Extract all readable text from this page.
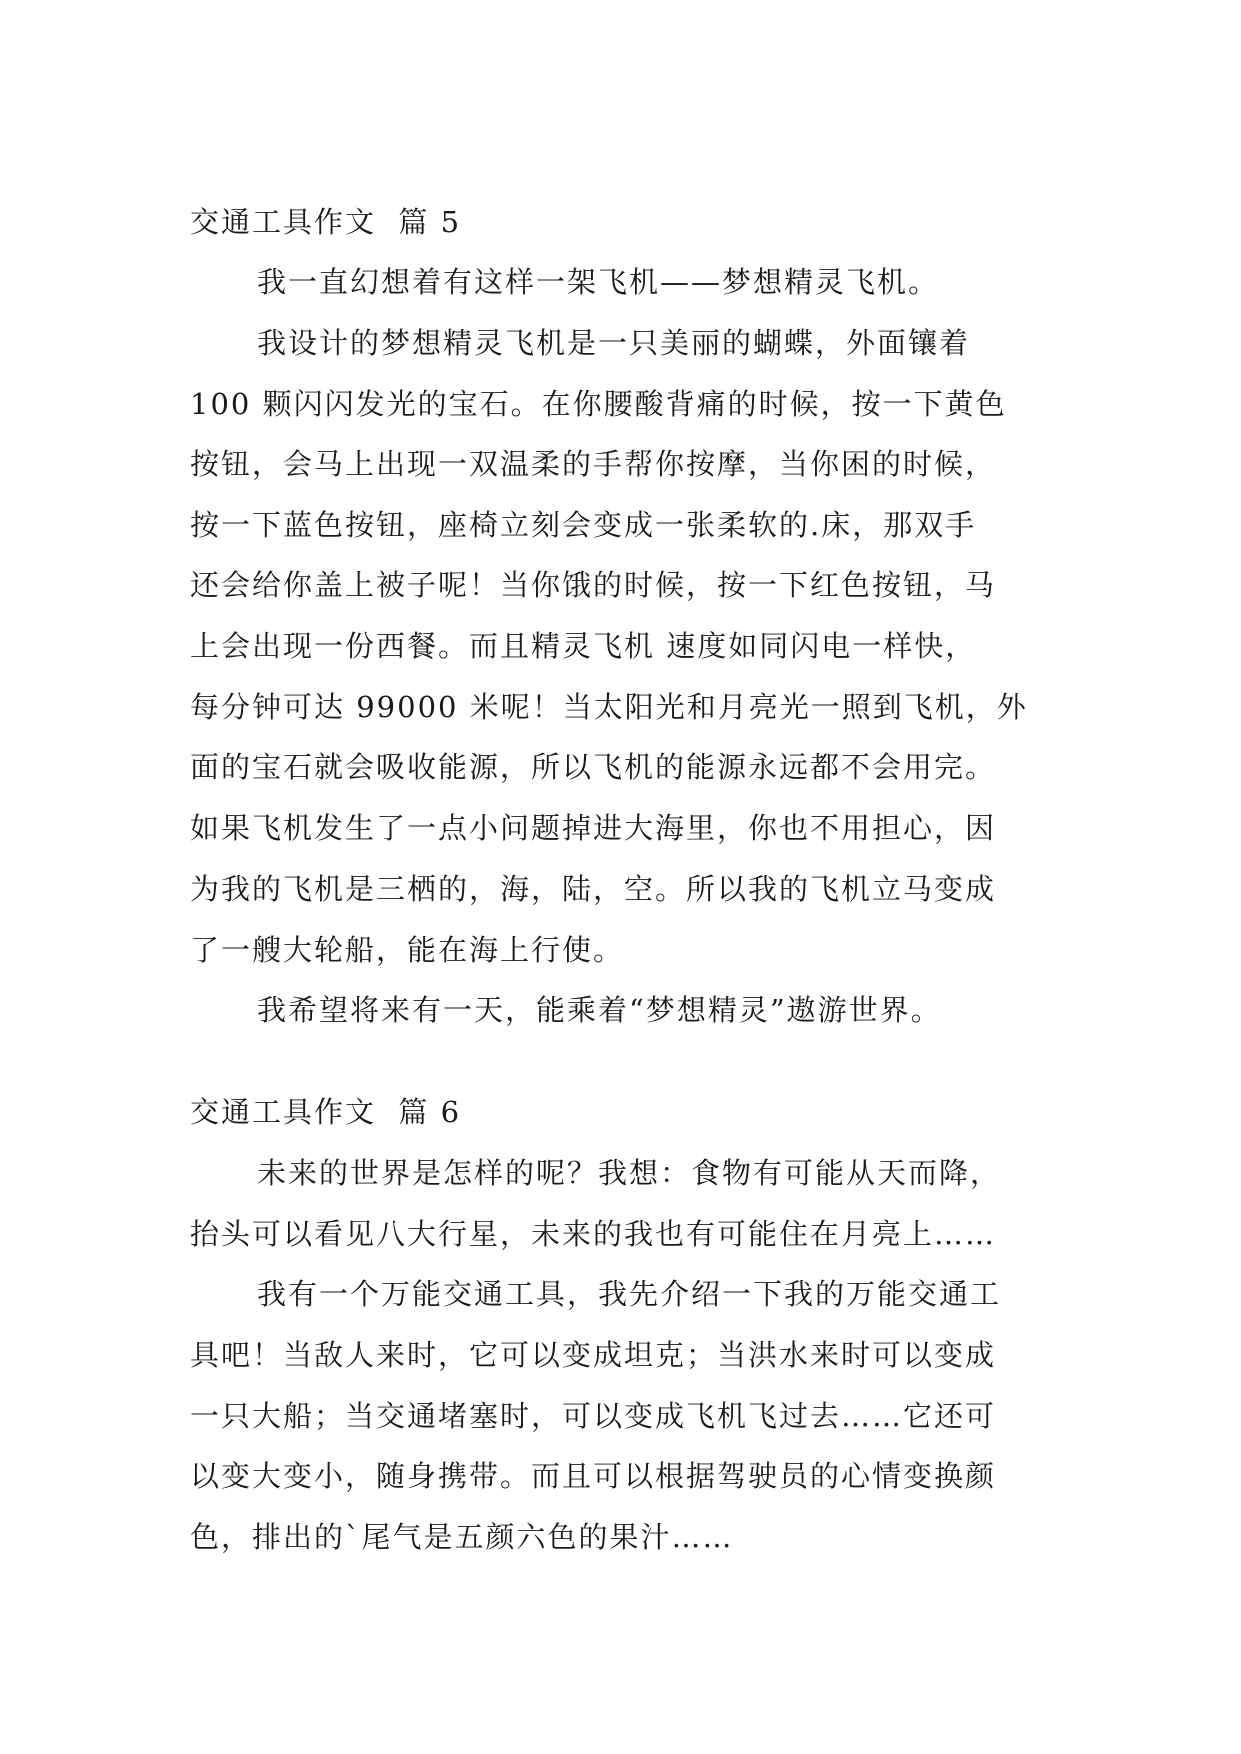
交通工具作文  篇 5
我一直幻想着有这样一架飞机——梦想精灵飞机。
我设计的梦想精灵飞机是一只美丽的蝴蝶，外面镶着
100 颗闪闪发光的宝石。在你腰酸背痛的时候，按一下黄色
按钮，会马上出现一双温柔的手帮你按摩，当你困的时候，
按一下蓝色按钮，座椅立刻会变成一张柔软的.床，那双手
还会给你盖上被子呢！当你饿的时候，按一下红色按钮，马
上会出现一份西餐。而且精灵飞机 速度如同闪电一样快，
每分钟可达 99000 米呢！当太阳光和月亮光一照到飞机，外
面的宝石就会吸收能源，所以飞机的能源永远都不会用完。
如果飞机发生了一点小问题掉进大海里，你也不用担心，因
为我的飞机是三栖的，海，陆，空。所以我的飞机立马变成
了一艘大轮船，能在海上行使。
我希望将来有一天，能乘着“梦想精灵”遨游世界。
交通工具作文  篇 6
未来的世界是怎样的呢？我想：食物有可能从天而降，
抬头可以看见八大行星，未来的我也有可能住在月亮上……
我有一个万能交通工具，我先介绍一下我的万能交通工
具吧！当敌人来时，它可以变成坦克；当洪水来时可以变成
一只大船；当交通堵塞时，可以变成飞机飞过去……它还可
以变大变小，随身携带。而且可以根据驾驶员的心情变换颜
色，排出的`尾气是五颜六色的果汁……
